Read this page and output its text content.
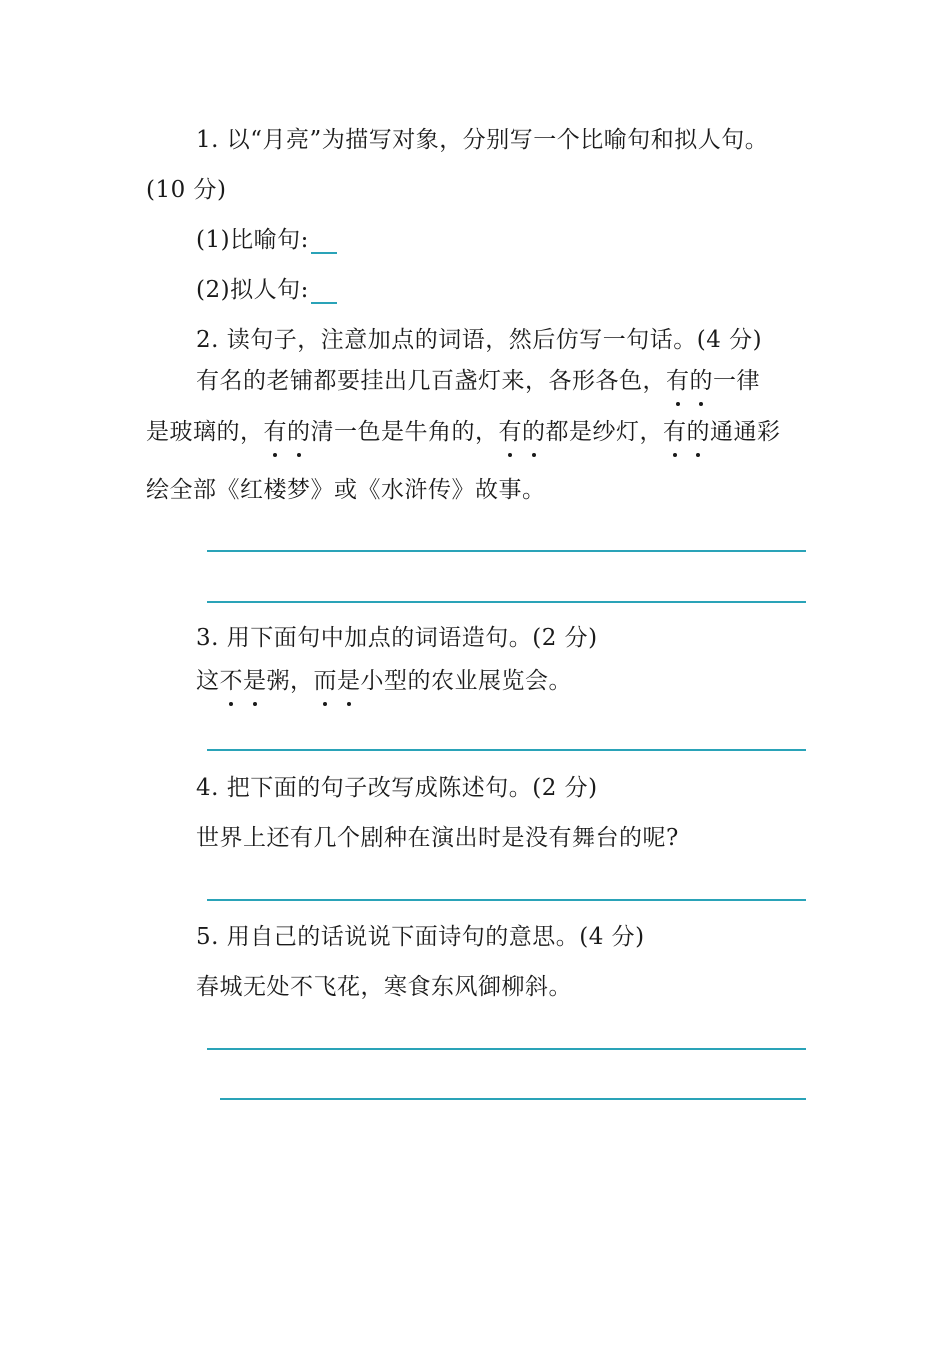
1. 以“月亮”为描写对象，分别写一个比喻句和拟人句。
(10 分)
(1)比喻句:
(2)拟人句:
2. 读句子，注意加点的词语，然后仿写一句话。(4 分)
有名的老铺都要挂出几百盏灯来，各形各色，有的一律
是玻璃的，有的清一色是牛角的，有的都是纱灯，有的通通彩
绘全部《红楼梦》或《水浒传》故事。
3. 用下面句中加点的词语造句。(2 分)
这不是粥，而是小型的农业展览会。
4. 把下面的句子改写成陈述句。(2 分)
世界上还有几个剧种在演出时是没有舞台的呢?
5. 用自己的话说说下面诗句的意思。(4 分)
春城无处不飞花，寒食东风御柳斜。
